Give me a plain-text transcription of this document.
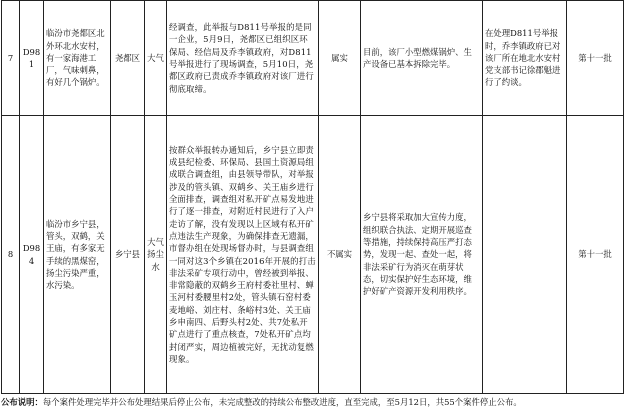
7	D981	临汾市尧都区北外环北水安村，有一家海港工厂，气味刺鼻，有好几个锅炉。	尧都区	大气	经调查，此举报与D811号举报的是同一企业，5月9日，尧都区已组织区环保局、经信局及乔李镇政府，对D811号举报进行了现场调查，5月10日，尧都区政府已责成乔李镇政府对该厂进行彻底取缔。	属实	目前，该厂小型燃煤锅炉、生产设备已基本拆除完毕。	在处理D811号举报时，乔李镇政府已对该厂所在地北水安村党支部书记徐郡魁进行了约谈。	第十一批
8	D984	临汾市乡宁县，管头，双鹤，关王庙，有多家无手续的黑煤窑，扬尘污染严重，水污染。	乡宁县	大气扬尘水	按群众举报转办通知后，乡宁县立即责成县纪检委、环保局、县国土资源局组成联合调查组，由县领导带队，对举报涉及的管头镇、双鹤乡、关王庙乡进行全面排查，调查组对私开矿点易发地进行了逐一排查，对附近村民进行了入户走访了解，没有发现以上区域有私开矿点违法生产现象，为确保排查无遗漏，市督办组在处现场督办时，与县调查组一同对这3个乡镇在2016年开展的打击非法采矿专项行动中，曾经被到举报、非常隐蔽的双鹤乡王府村委社里村、蝉玉河村委腰里村2处，管头镇石窑村委麦地峪、刘庄村、条峪村3处、关王庙乡申南四、后野头村2处、共7处私开矿点进行了重点核查，7处私开矿点均封闭严实，周边植被完好，无扰动复燃现象。	不属实	乡宁县将采取加大宣传力度，组织联合执法、定期开展巡查等措施，持续保持高压严打态势，发现一起、查处一起，将非法采矿行为消灭在萌芽状态，切实保护好生态环境，维护好矿产资源开发利用秩序。		第十一批
公布说明：每个案件处理完毕并公布处理结果后停止公布，未完成整改的持续公布整改进度，直至完成，至5月12日，共55个案件停止公布。
